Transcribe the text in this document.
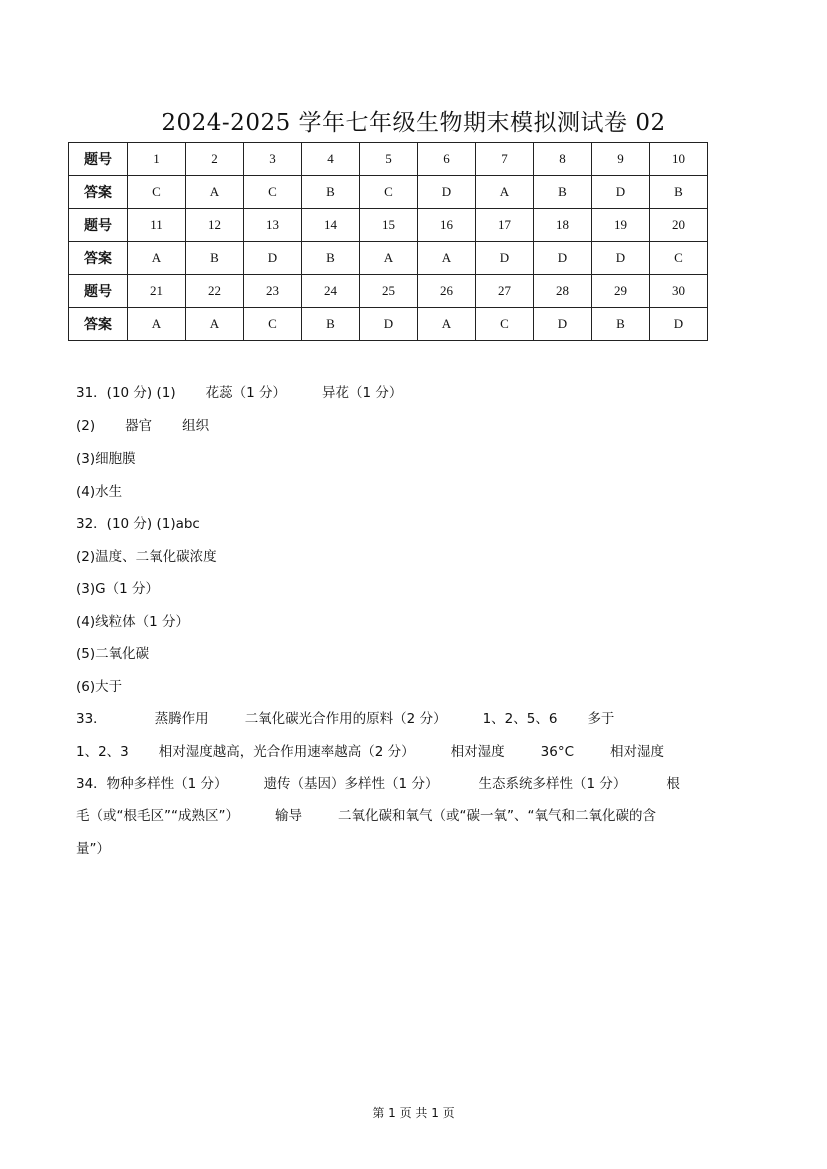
2024-2025 学年七年级生物期末模拟测试卷 02
题号	1	2	3	4	5	6	7	8	9	10
答案	C	A	C	B	C	D	A	B	D	B
题号	11	12	13	14	15	16	17	18	19	20
答案	A	B	D	B	A	A	D	D	D	C
题号	21	22	23	24	25	26	27	28	29	30
答案	A	A	C	B	D	A	C	D	B	D
31．(10 分) (1) 花蕊（1 分）	异花（1 分）
(2) 器官 组织
(3)细胞膜
(4)水生
32．(10 分) (1)abc
(2)温度、二氧化碳浓度
(3)G（1 分）
(4)线粒体（1 分）
(5)二氧化碳
(6)大于
33．	蒸腾作用	二氧化碳光合作用的原料（2 分）	1、2、5、6 多于
1、2、3 相对湿度越高，光合作用速率越高（2 分）	相对湿度	36°C	相对湿度
34．物种多样性（1 分）	遗传（基因）多样性（1 分）	生态系统多样性（1 分）	根
毛（或“根毛区”“成熟区”）	输导	二氧化碳和氧气（或“碳一氧”、“氧气和二氧化碳的含
量”）
第 1 页 共 1 页
